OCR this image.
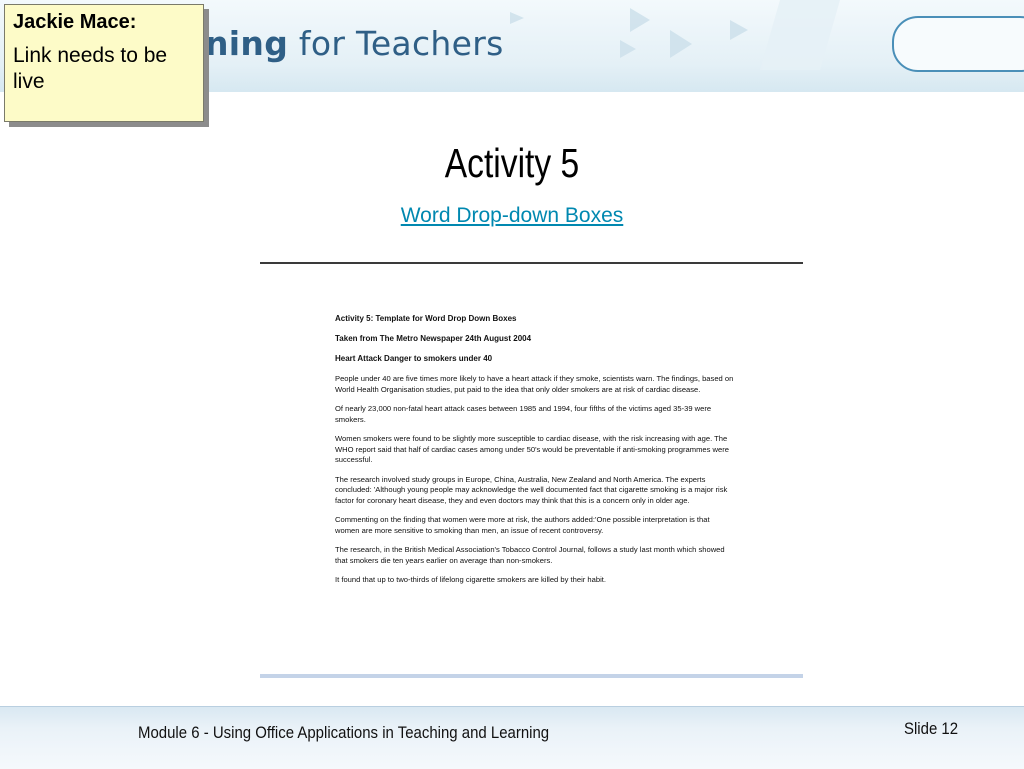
ning for Teachers
Jackie Mace:
Link needs to be live
Activity 5
Word Drop-down Boxes
Activity 5: Template for Word Drop Down Boxes
Taken from The Metro Newspaper 24th August 2004
Heart Attack Danger to smokers under 40
People under 40 are five times more likely to have a heart attack if they smoke, scientists warn. The findings, based on World Health Organisation studies, put paid to the idea that only older smokers are at risk of cardiac disease.
Of nearly 23,000 non-fatal heart attack cases between 1985 and 1994, four fifths of the victims aged 35-39 were smokers.
Women smokers were found to be slightly more susceptible to cardiac disease, with the risk increasing with age. The WHO report said that half of cardiac cases among under 50's would be preventable if anti-smoking programmes were successful.
The research involved study groups in Europe, China, Australia, New Zealand and North America. The experts concluded: 'Although young people may acknowledge the well documented fact that cigarette smoking is a major risk factor for coronary heart disease, they and even doctors may think that this is a concern only in older age.
Commenting on the finding that women were more at risk, the authors added:'One possible interpretation is that women are more sensitive to smoking than men, an issue of recent controversy.
The research, in the British Medical Association's Tobacco Control Journal, follows a study last month which showed that smokers die ten years earlier on average than non-smokers.
It found that up to two-thirds of lifelong cigarette smokers are killed by their habit.
Module 6 - Using Office Applications in Teaching and Learning	Slide 12
